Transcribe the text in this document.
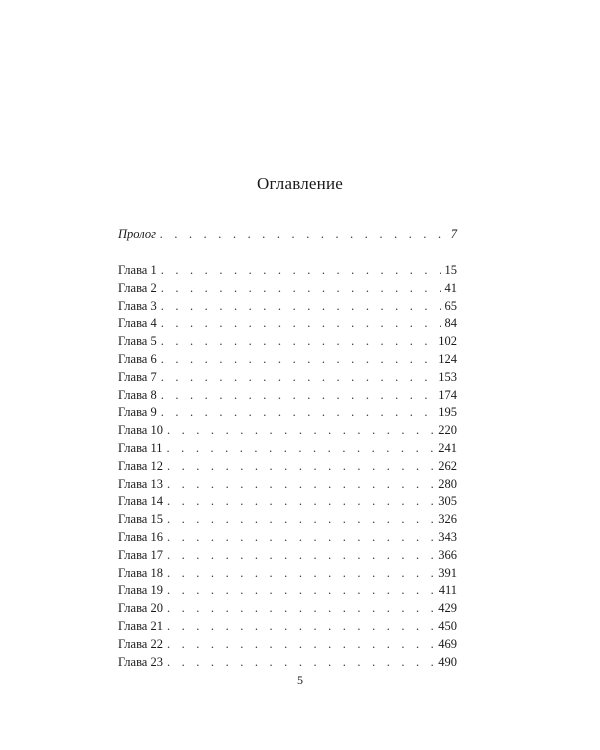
Оглавление
Пролог . . .	7
Глава 1 . . .	15
Глава 2 . . .	41
Глава 3 . . .	65
Глава 4 . . .	84
Глава 5 . . .	102
Глава 6 . . .	124
Глава 7 . . .	153
Глава 8 . . .	174
Глава 9 . . .	195
Глава 10 . . .	220
Глава 11 . . .	241
Глава 12 . . .	262
Глава 13 . . .	280
Глава 14 . . .	305
Глава 15 . . .	326
Глава 16 . . .	343
Глава 17 . . .	366
Глава 18 . . .	391
Глава 19 . . .	411
Глава 20 . . .	429
Глава 21 . . .	450
Глава 22 . . .	469
Глава 23 . . .	490
5
